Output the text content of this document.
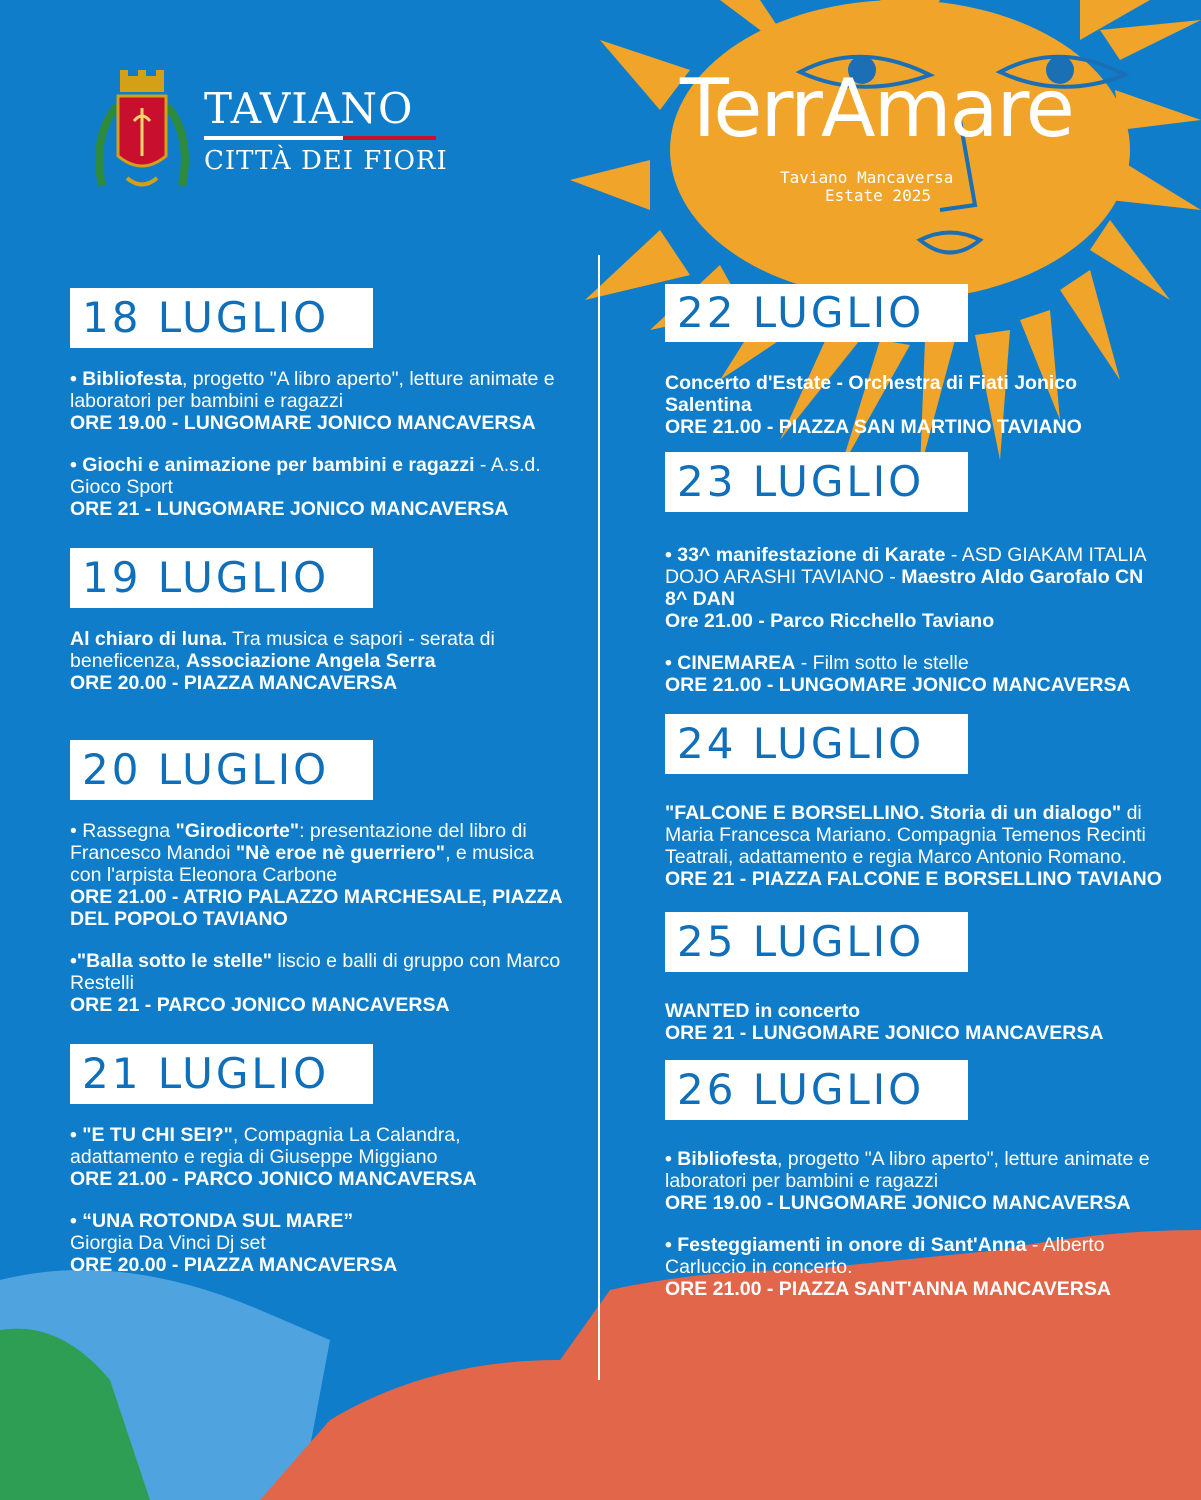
TAVIANO
CITTÀ DEI FIORI
TerrAmare
Taviano Mancaversa
Estate 2025
18 LUGLIO
• Bibliofesta, progetto "A libro aperto", letture animate e laboratori per bambini e ragazzi
ORE 19.00 - LUNGOMARE JONICO MANCAVERSA
• Giochi e animazione per bambini e ragazzi - A.s.d. Gioco Sport
ORE 21 - LUNGOMARE JONICO MANCAVERSA
19 LUGLIO
Al chiaro di luna. Tra musica e sapori - serata di beneficenza, Associazione Angela Serra
ORE 20.00 - PIAZZA MANCAVERSA
20 LUGLIO
• Rassegna "Girodicorte": presentazione del libro di Francesco Mandoi "Nè eroe nè guerriero", e musica con l'arpista Eleonora Carbone
ORE 21.00 - ATRIO PALAZZO MARCHESALE, PIAZZA DEL POPOLO TAVIANO
•"Balla sotto le stelle" liscio e balli di gruppo con Marco Restelli
ORE 21 - PARCO JONICO MANCAVERSA
21 LUGLIO
• "E TU CHI SEI?", Compagnia La Calandra, adattamento e regia di Giuseppe Miggiano
ORE 21.00 - PARCO JONICO MANCAVERSA
• “UNA ROTONDA SUL MARE”
Giorgia Da Vinci Dj set
ORE 20.00 - PIAZZA MANCAVERSA
22 LUGLIO
Concerto d'Estate - Orchestra di Fiati Jonico Salentina
ORE 21.00 - PIAZZA SAN MARTINO TAVIANO
23 LUGLIO
• 33^ manifestazione di Karate - ASD GIAKAM ITALIA DOJO ARASHI TAVIANO - Maestro Aldo Garofalo CN 8^ DAN
Ore 21.00 - Parco Ricchello Taviano
• CINEMAREA - Film sotto le stelle
ORE 21.00 - LUNGOMARE JONICO MANCAVERSA
24 LUGLIO
"FALCONE E BORSELLINO. Storia di un dialogo" di Maria Francesca Mariano. Compagnia Temenos Recinti Teatrali, adattamento e regia Marco Antonio Romano.
ORE 21 - PIAZZA FALCONE E BORSELLINO TAVIANO
25 LUGLIO
WANTED in concerto
ORE 21 - LUNGOMARE JONICO MANCAVERSA
26 LUGLIO
• Bibliofesta, progetto "A libro aperto", letture animate e laboratori per bambini e ragazzi
ORE 19.00 - LUNGOMARE JONICO MANCAVERSA
• Festeggiamenti in onore di Sant'Anna - Alberto Carluccio in concerto.
ORE 21.00 - PIAZZA SANT'ANNA MANCAVERSA
